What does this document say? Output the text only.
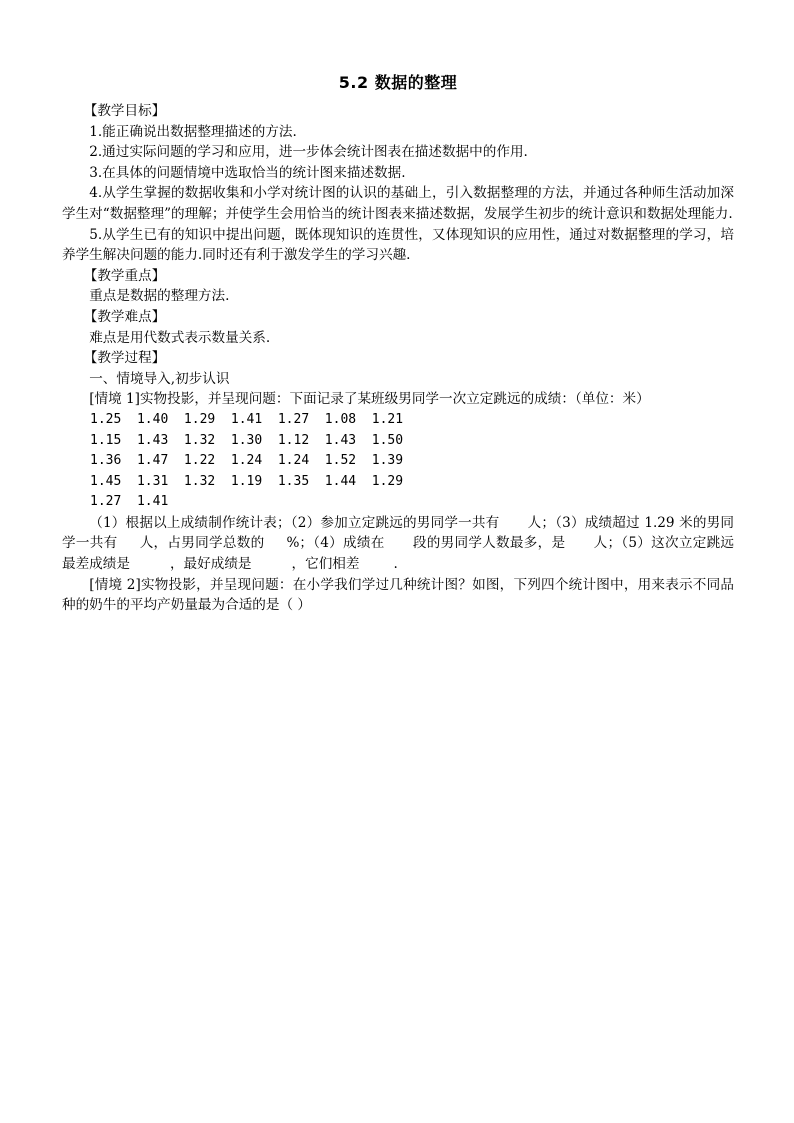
5.2 数据的整理

【教学目标】

1.能正确说出数据整理描述的方法.

2.通过实际问题的学习和应用，进一步体会统计图表在描述数据中的作用.

3.在具体的问题情境中选取恰当的统计图来描述数据.

4.从学生掌握的数据收集和小学对统计图的认识的基础上，引入数据整理的方法，并通过各种师生活动加深学生对“数据整理”的理解；并使学生会用恰当的统计图表来描述数据，发展学生初步的统计意识和数据处理能力.

5.从学生已有的知识中提出问题，既体现知识的连贯性，又体现知识的应用性，通过对数据整理的学习，培养学生解决问题的能力.同时还有利于激发学生的学习兴趣.

【教学重点】

重点是数据的整理方法.

【教学难点】

难点是用代数式表示数量关系.

【教学过程】

一、情境导入,初步认识

[情境 1]实物投影，并呈现问题：下面记录了某班级男同学一次立定跳远的成绩：（单位：米）

1.25  1.40  1.29  1.41  1.27  1.08  1.21

1.15  1.43  1.32  1.30  1.12  1.43  1.50

1.36  1.47  1.22  1.24  1.24  1.52  1.39

1.45  1.31  1.32  1.19  1.35  1.44  1.29

1.27  1.41

（1）根据以上成绩制作统计表；（2）参加立定跳远的男同学一共有 人；（3）成绩超过 1.29 米的男同学一共有 人，占男同学总数的 %；（4）成绩在 段的男同学人数最多，是 人；（5）这次立定跳远最差成绩是	，最好成绩是	，它们相差	.

[情境 2]实物投影，并呈现问题：在小学我们学过几种统计图？如图，下列四个统计图中，用来表示不同品种的奶牛的平均产奶量最为合适的是（ ）
